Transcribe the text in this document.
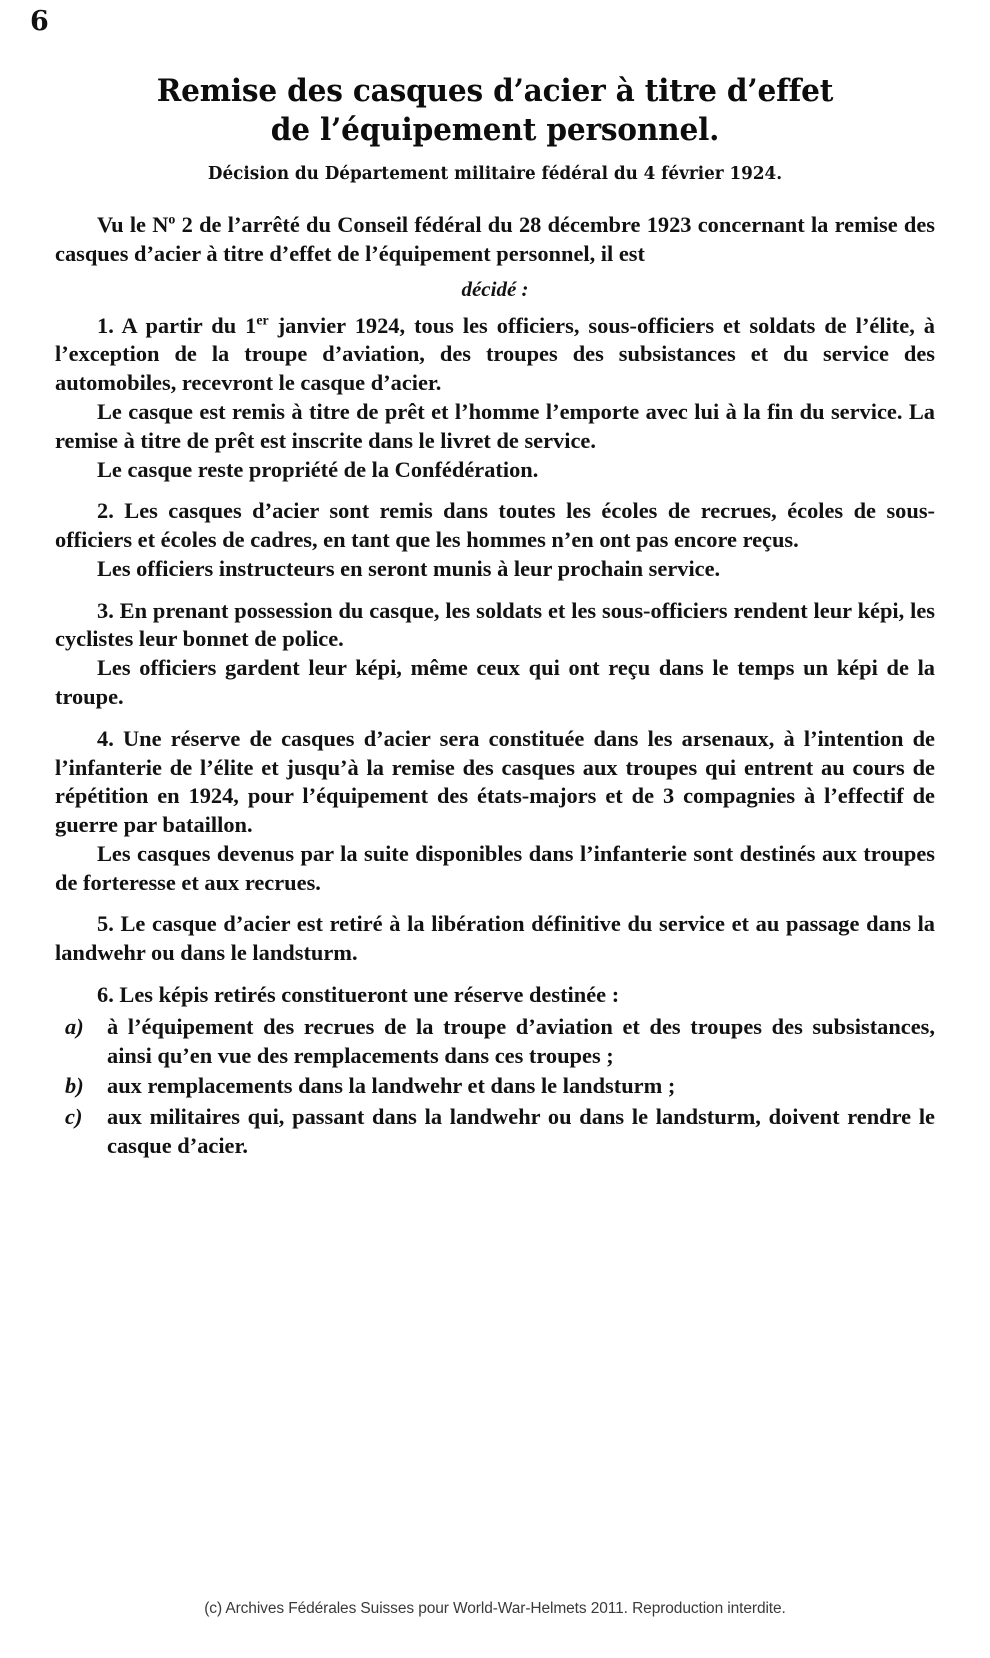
6
Remise des casques d’acier à titre d’effet
de l’équipement personnel.
Décision du Département militaire fédéral du 4 février 1924.

Vu le $N^o$ 2 de l’arrêté du Conseil fédéral du 28 décembre 1923 concernant la remise des casques d’acier à titre d’effet de l’équipement personnel, il est

décidé :

1. A partir du 1er janvier 1924, tous les officiers, sous-officiers et soldats de l’élite, à l’exception de la troupe d’aviation, des troupes des subsistances et du service des automobiles, recevront le casque d’acier.

Le casque est remis à titre de prêt et l’homme l’emporte avec lui à la fin du service. La remise à titre de prêt est inscrite dans le livret de service.

Le casque reste propriété de la Confédération.

2. Les casques d’acier sont remis dans toutes les écoles de recrues, écoles de sous-officiers et écoles de cadres, en tant que les hommes n’en ont pas encore reçus.

Les officiers instructeurs en seront munis à leur prochain service.

3. En prenant possession du casque, les soldats et les sous-officiers rendent leur képi, les cyclistes leur bonnet de police.

Les officiers gardent leur képi, même ceux qui ont reçu dans le temps un képi de la troupe.

4. Une réserve de casques d’acier sera constituée dans les arsenaux, à l’intention de l’infanterie de l’élite et jusqu’à la remise des casques aux troupes qui entrent au cours de répétition en 1924, pour l’équipement des états-majors et de 3 compagnies à l’effectif de guerre par bataillon.

Les casques devenus par la suite disponibles dans l’infanterie sont destinés aux troupes de forteresse et aux recrues.

5. Le casque d’acier est retiré à la libération définitive du service et au passage dans la landwehr ou dans le landsturm.

6. Les képis retirés constitueront une réserve destinée :

a)	à l’équipement des recrues de la troupe d’aviation et des troupes des subsistances, ainsi qu’en vue des remplacements dans ces troupes ;
b)	aux remplacements dans la landwehr et dans le landsturm ;
c)	aux militaires qui, passant dans la landwehr ou dans le landsturm, doivent rendre le casque d’acier.
(c) Archives Fédérales Suisses pour World-War-Helmets 2011. Reproduction interdite.
